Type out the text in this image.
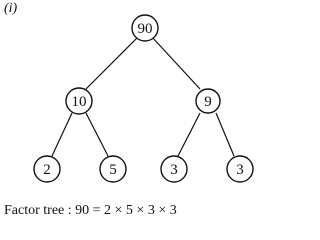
(i)
90
10	9
2	5	3	3
Factor tree : 90 = 2 × 5 × 3 × 3
